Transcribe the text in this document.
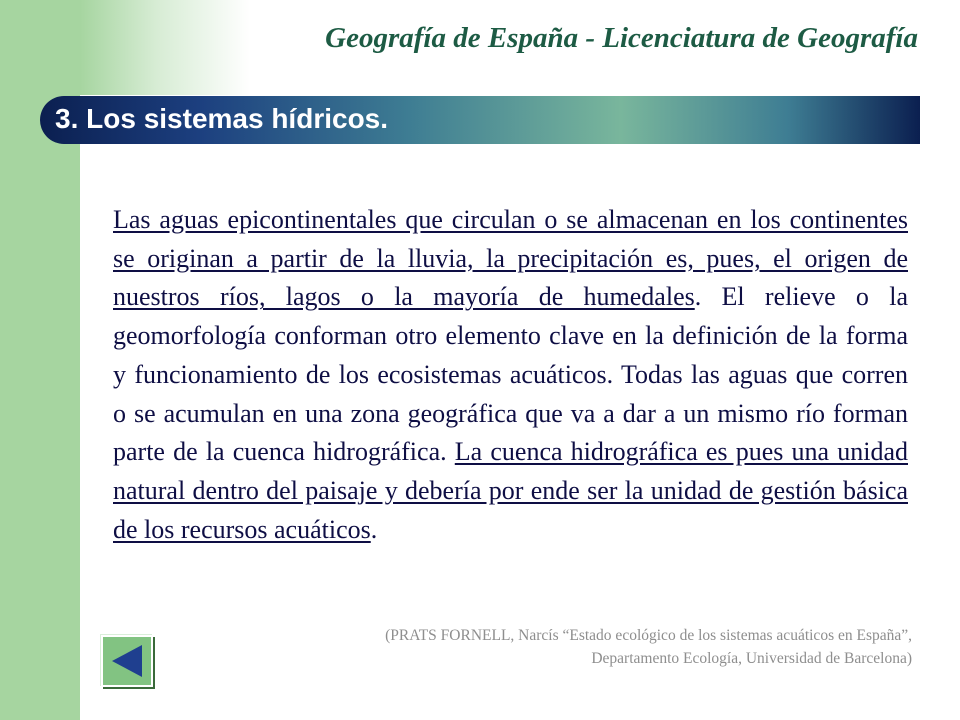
Geografía de España - Licenciatura de Geografía
3. Los sistemas hídricos.
Las aguas epicontinentales que circulan o se almacenan en los continentes se originan a partir de la lluvia, la precipitación es, pues, el origen de nuestros ríos, lagos o la mayoría de humedales. El relieve o la geomorfología conforman otro elemento clave en la definición de la forma y funcionamiento de los ecosistemas acuáticos. Todas las aguas que corren o se acumulan en una zona geográfica que va a dar a un mismo río forman parte de la cuenca hidrográfica. La cuenca hidrográfica es pues una unidad natural dentro del paisaje y debería por ende ser la unidad de gestión básica de los recursos acuáticos.
(PRATS FORNELL, Narcís “Estado ecológico de los sistemas acuáticos en España”,
Departamento Ecología, Universidad de Barcelona)
